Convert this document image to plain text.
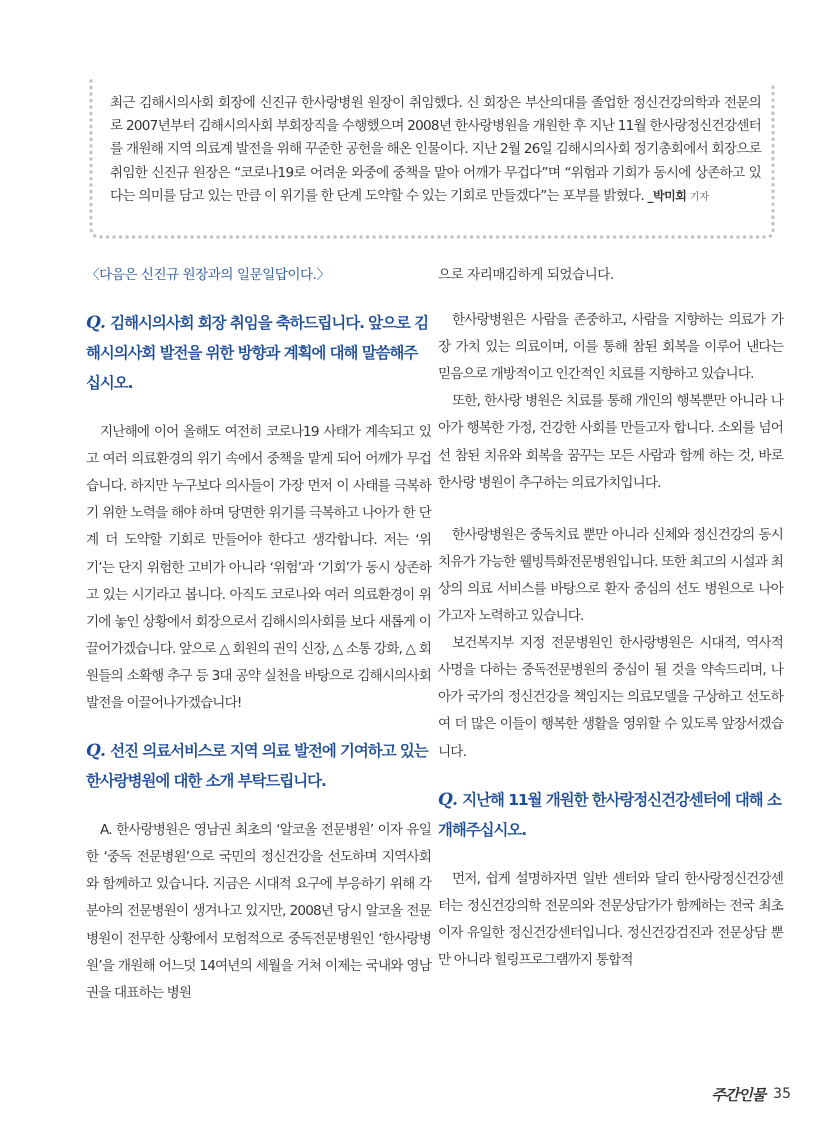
최근 김해시의사회 회장에 신진규 한사랑병원 원장이 취임했다. 신 회장은 부산의대를 졸업한 정신건강의학과 전문의로 2007년부터 김해시의사회 부회장직을 수행했으며 2008년 한사랑병원을 개원한 후 지난 11월 한사랑정신건강센터를 개원해 지역 의료계 발전을 위해 꾸준한 공헌을 해온 인물이다. 지난 2월 26일 김해시의사회 정기총회에서 회장으로 취임한 신진규 원장은 “코로나19로 어려운 와중에 중책을 맡아 어깨가 무겁다”며 “위험과 기회가 동시에 상존하고 있다는 의미를 담고 있는 만큼 이 위기를 한 단계 도약할 수 있는 기회로 만들겠다”는 포부를 밝혔다. _박미회 기자

〈다음은 신진규 원장과의 일문일답이다.〉

Q. 김해시의사회 회장 취임을 축하드립니다. 앞으로 김해시의사회 발전을 위한 방향과 계획에 대해 말씀해주십시오.

지난해에 이어 올해도 여전히 코로나19 사태가 계속되고 있고 여러 의료환경의 위기 속에서 중책을 맡게 되어 어깨가 무겁습니다. 하지만 누구보다 의사들이 가장 먼저 이 사태를 극복하기 위한 노력을 해야 하며 당면한 위기를 극복하고 나아가 한 단계 더 도약할 기회로 만들어야 한다고 생각합니다. 저는 ‘위기’는 단지 위험한 고비가 아니라 ‘위험’과 ‘기회’가 동시 상존하고 있는 시기라고 봅니다. 아직도 코로나와 여러 의료환경이 위기에 놓인 상황에서 회장으로서 김해시의사회를 보다 새롭게 이끌어가겠습니다. 앞으로 △ 회원의 권익 신장, △ 소통 강화, △ 회원들의 소확행 추구 등 3대 공약 실천을 바탕으로 김해시의사회 발전을 이끌어나가겠습니다!

Q. 선진 의료서비스로 지역 의료 발전에 기여하고 있는 한사랑병원에 대한 소개 부탁드립니다.

A. 한사랑병원은 영남권 최초의 ‘알코올 전문병원’ 이자 유일한 ‘중독 전문병원’으로 국민의 정신건강을 선도하며 지역사회와 함께하고 있습니다. 지금은 시대적 요구에 부응하기 위해 각 분야의 전문병원이 생겨나고 있지만, 2008년 당시 알코올 전문병원이 전무한 상황에서 모험적으로 중독전문병원인 ‘한사랑병원’을 개원해 어느덧 14여년의 세월을 거쳐 이제는 국내와 영남권을 대표하는 병원

으로 자리매김하게 되었습니다.

한사랑병원은 사람을 존중하고, 사람을 지향하는 의료가 가장 가치 있는 의료이며, 이를 통해 참된 회복을 이루어 낸다는 믿음으로 개방적이고 인간적인 치료를 지향하고 있습니다.

또한, 한사랑 병원은 치료를 통해 개인의 행복뿐만 아니라 나아가 행복한 가정, 건강한 사회를 만들고자 합니다. 소외를 넘어선 참된 치유와 회복을 꿈꾸는 모든 사람과 함께 하는 것, 바로 한사랑 병원이 추구하는 의료가치입니다.

한사랑병원은 중독치료 뿐만 아니라 신체와 정신건강의 동시 치유가 가능한 웰빙특화전문병원입니다. 또한 최고의 시설과 최상의 의료 서비스를 바탕으로 환자 중심의 선도 병원으로 나아가고자 노력하고 있습니다.

보건복지부 지정 전문병원인 한사랑병원은 시대적, 역사적 사명을 다하는 중독전문병원의 중심이 될 것을 약속드리며, 나아가 국가의 정신건강을 책임지는 의료모델을 구상하고 선도하여 더 많은 이들이 행복한 생활을 영위할 수 있도록 앞장서겠습니다.

Q. 지난해 11월 개원한 한사랑정신건강센터에 대해 소개해주십시오.

먼저, 쉽게 설명하자면 일반 센터와 달리 한사랑정신건강센터는 정신건강의학 전문의와 전문상담가가 함께하는 전국 최초이자 유일한 정신건강센터입니다. 정신건강검진과 전문상담 뿐만 아니라 힐링프로그램까지 통합적

주간인물 35
